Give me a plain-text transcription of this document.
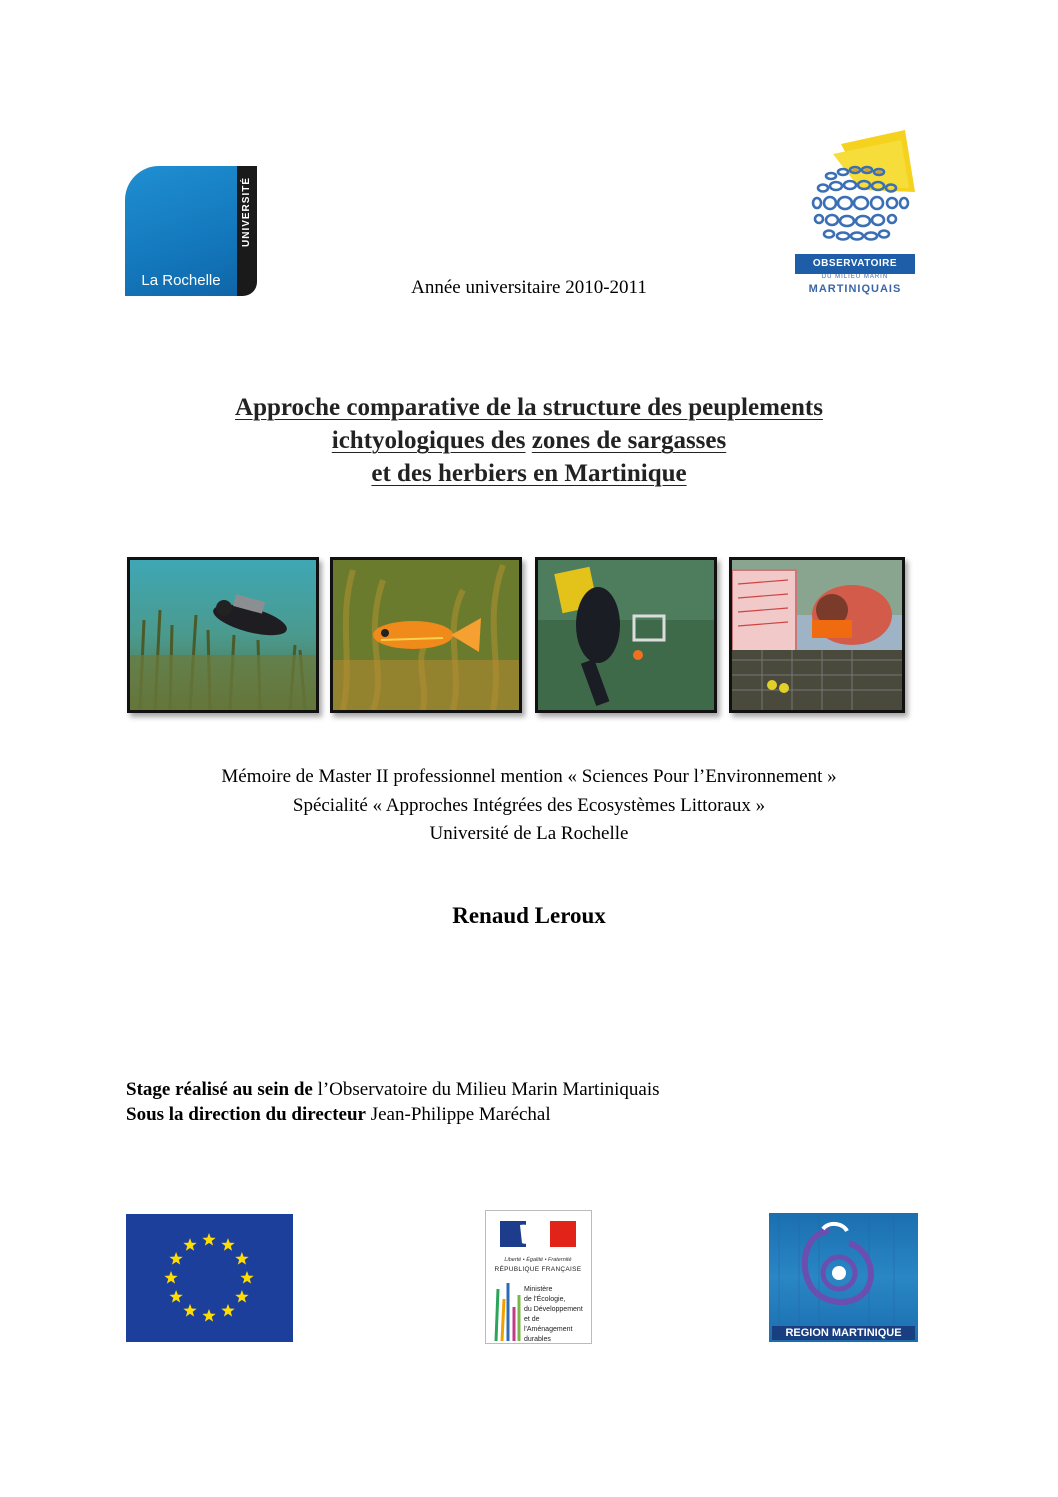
UNIVERSITÉ
La Rochelle
OBSERVATOIRE
DU MILIEU MARIN
MARTINIQUAIS
Année universitaire 2010-2011
Approche comparative de la structure des peuplements
ichtyologiques des zones de sargasses
et des herbiers en Martinique
Mémoire de Master II professionnel mention « Sciences Pour l’Environnement »
Spécialité « Approches Intégrées des Ecosystèmes Littoraux »
Université de La Rochelle
Renaud Leroux
Stage réalisé au sein de l’Observatoire du Milieu Marin Martiniquais
Sous la direction du directeur Jean-Philippe Maréchal
Liberté • Égalité • Fraternité
RÉPUBLIQUE FRANÇAISE
Ministère
de l'Écologie,
du Développement
et de l'Aménagement
durables
REGION MARTINIQUE
